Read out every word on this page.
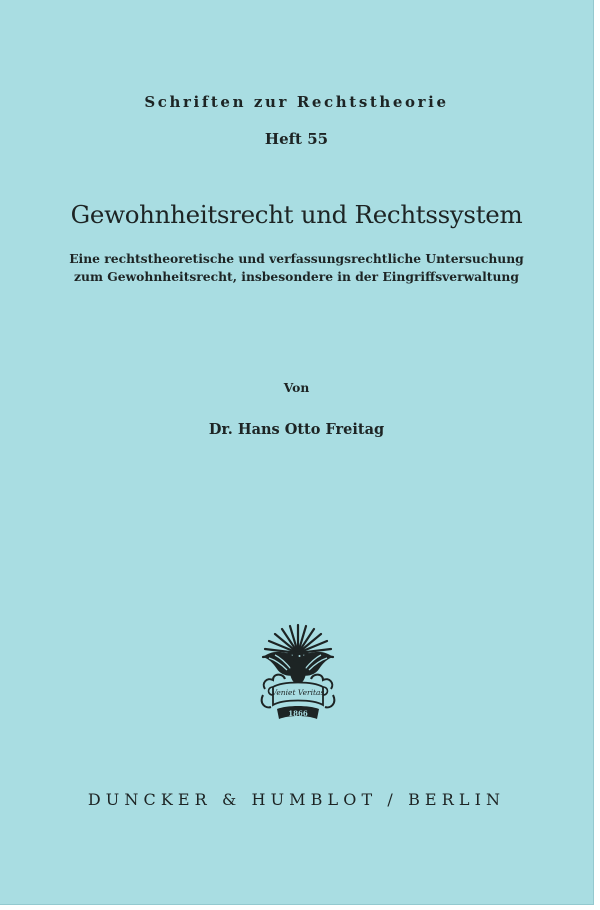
Schriften zur Rechtstheorie
Heft 55
Gewohnheitsrecht und Rechtssystem
Eine rechtstheoretische und verfassungsrechtliche Untersuchung
zum Gewohnheitsrecht, insbesondere in der Eingriffsverwaltung
Von
Dr. Hans Otto Freitag
Veniet Veritas
1866
DUNCKER & HUMBLOT / BERLIN
